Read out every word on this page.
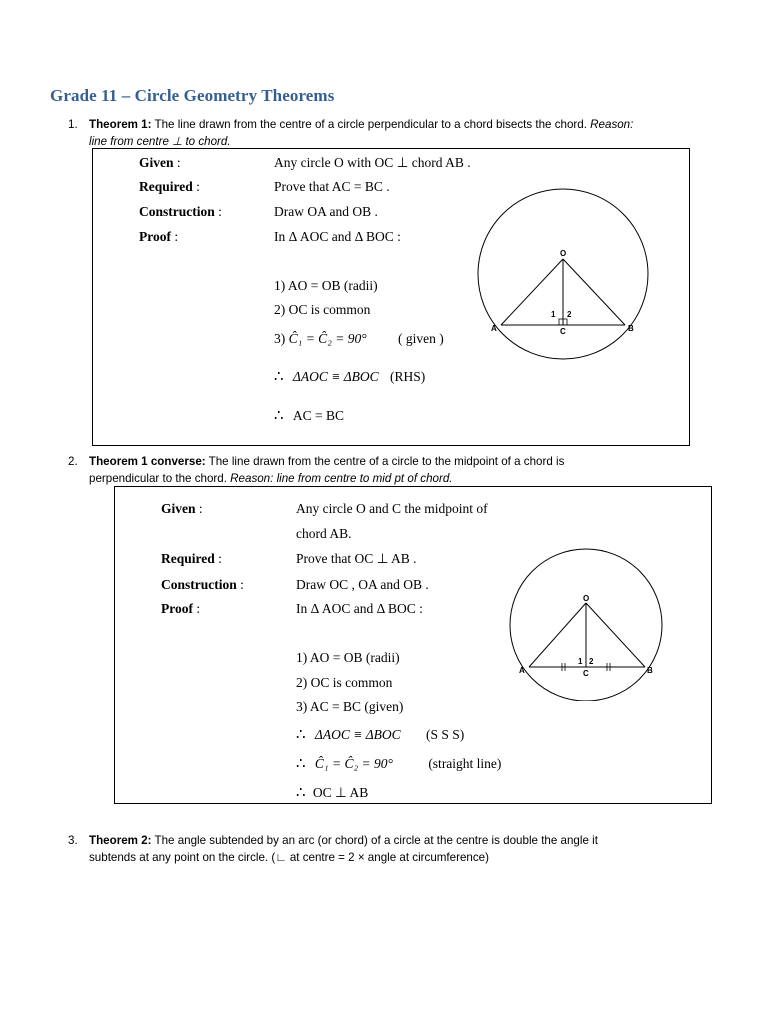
Grade 11 – Circle Geometry Theorems
1. Theorem 1: The line drawn from the centre of a circle perpendicular to a chord bisects the chord. Reason:
line from centre ⊥ to chord.
Given :	Any circle O with OC ⊥ chord AB .
Required :	Prove that AC = BC .
Construction :	Draw OA and OB .
Proof :	In Δ AOC and Δ BOC :
1) AO = OB (radii)
2) OC is common
3) Ĉ₁ = Ĉ₂ = 90° ( given )
∴ ΔAOC ≡ ΔBOC (RHS)
∴ AC = BC
O
A	B
C
1 2
2. Theorem 1 converse: The line drawn from the centre of a circle to the midpoint of a chord is
perpendicular to the chord. Reason: line from centre to mid pt of chord.
Given :	Any circle O and C the midpoint of
chord AB.
Required :	Prove that OC ⊥ AB .
Construction :	Draw OC , OA and OB .
Proof :	In Δ AOC and Δ BOC :
1) AO = OB (radii)
2) OC is common
3) AC = BC (given)
∴ ΔAOC ≡ ΔBOC (S S S)
∴ Ĉ₁ = Ĉ₂ = 90°	(straight line)
∴ OC ⊥ AB
O
A	B
C
1 2
3. Theorem 2: The angle subtended by an arc (or chord) of a circle at the centre is double the angle it
subtends at any point on the circle. (∟ at centre = 2 × angle at circumference)
